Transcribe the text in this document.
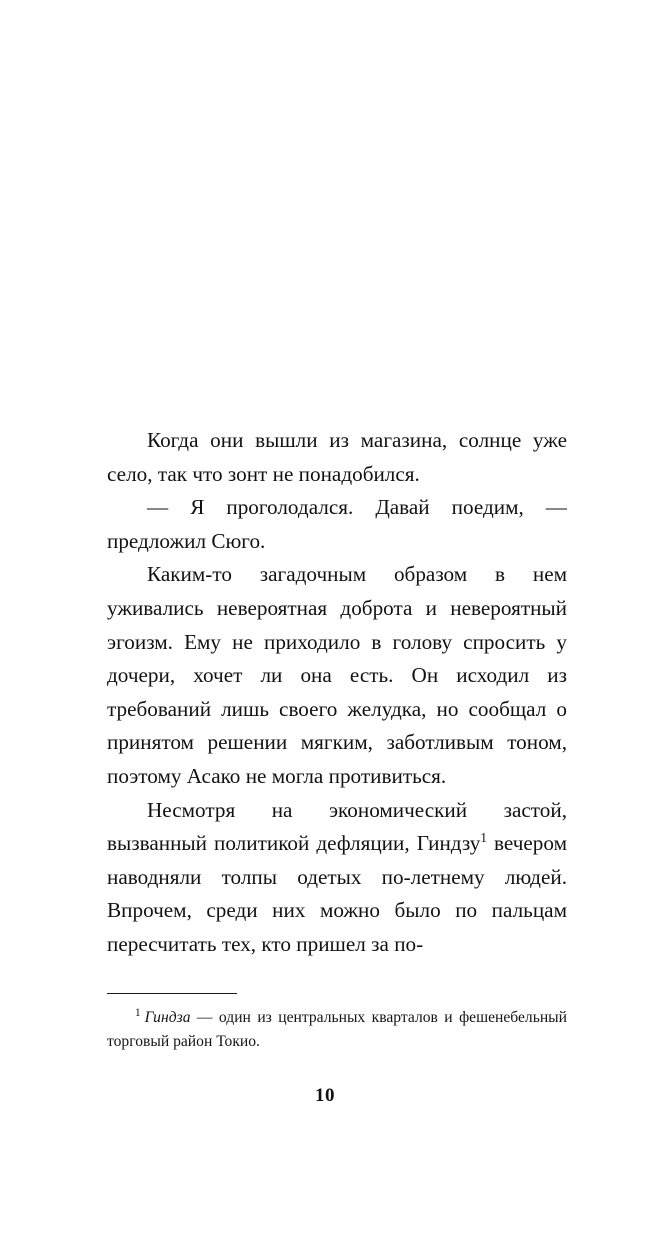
Когда они вышли из магазина, солнце уже село, так что зонт не понадобился.

— Я проголодался. Давай поедим, — предложил Сюго.

Каким-то загадочным образом в нем уживались невероятная доброта и невероятный эгоизм. Ему не приходило в голову спросить у дочери, хочет ли она есть. Он исходил из требований лишь своего желудка, но сообщал о принятом решении мягким, заботливым тоном, поэтому Асако не могла противиться.

Несмотря на экономический застой, вызванный политикой дефляции, Гиндзу$^1$ вечером наводняли толпы одетых по-летнему людей. Впрочем, среди них можно было по пальцам пересчитать тех, кто пришел за по-

$^1$ Гиндза — один из центральных кварталов и фешенебельный торговый район Токио.
10
